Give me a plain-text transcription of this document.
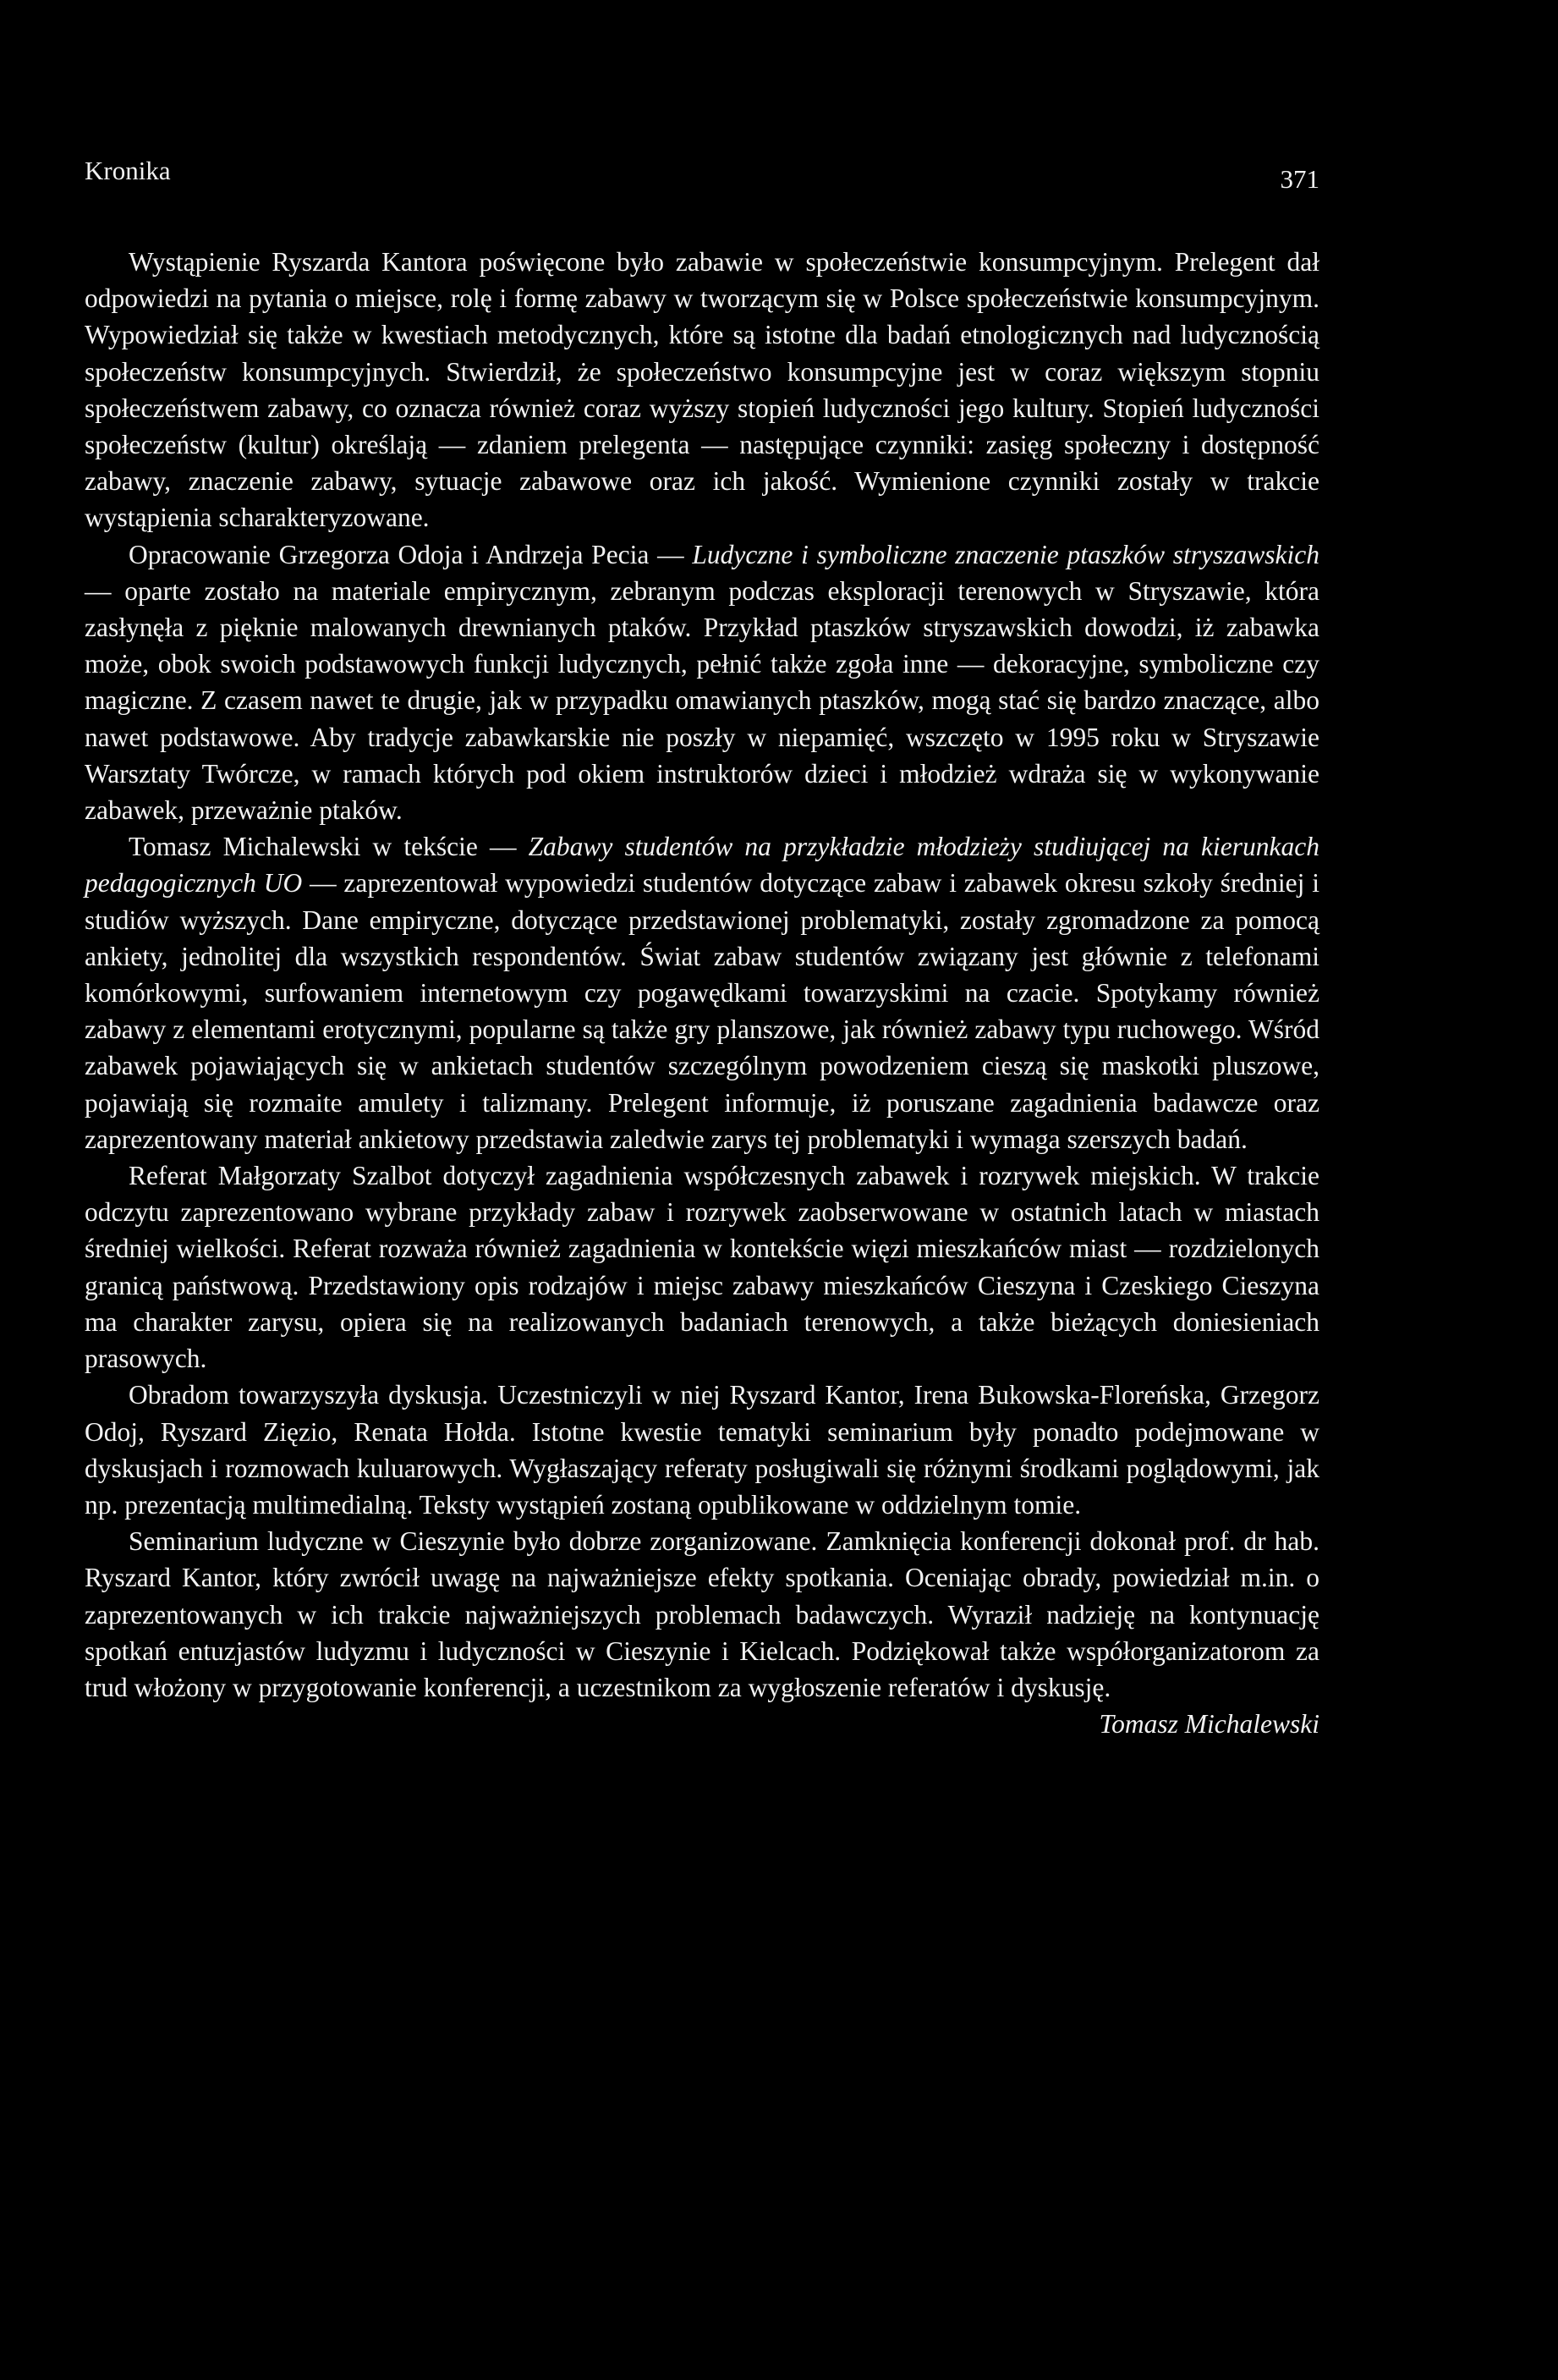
Kronika	371

Wystąpienie Ryszarda Kantora poświęcone było zabawie w społeczeństwie konsumpcyjnym. Prelegent dał odpowiedzi na pytania o miejsce, rolę i formę zabawy w tworzącym się w Polsce społeczeństwie konsumpcyjnym. Wypowiedział się także w kwestiach metodycznych, które są istotne dla badań etnologicznych nad ludycznością społeczeństw konsumpcyjnych. Stwierdził, że społeczeństwo konsumpcyjne jest w coraz większym stopniu społeczeństwem zabawy, co oznacza również coraz wyższy stopień ludyczności jego kultury. Stopień ludyczności społeczeństw (kultur) określają — zdaniem prelegenta — następujące czynniki: zasięg społeczny i dostępność zabawy, znaczenie zabawy, sytuacje zabawowe oraz ich jakość. Wymienione czynniki zostały w trakcie wystąpienia scharakteryzowane.

Opracowanie Grzegorza Odoja i Andrzeja Pecia — Ludyczne i symboliczne znaczenie ptaszków stryszawskich — oparte zostało na materiale empirycznym, zebranym podczas eksploracji terenowych w Stryszawie, która zasłynęła z pięknie malowanych drewnianych ptaków. Przykład ptaszków stryszawskich dowodzi, iż zabawka może, obok swoich podstawowych funkcji ludycznych, pełnić także zgoła inne — dekoracyjne, symboliczne czy magiczne. Z czasem nawet te drugie, jak w przypadku omawianych ptaszków, mogą stać się bardzo znaczące, albo nawet podstawowe. Aby tradycje zabawkarskie nie poszły w niepamięć, wszczęto w 1995 roku w Stryszawie Warsztaty Twórcze, w ramach których pod okiem instruktorów dzieci i młodzież wdraża się w wykonywanie zabawek, przeważnie ptaków.

Tomasz Michalewski w tekście — Zabawy studentów na przykładzie młodzieży studiującej na kierunkach pedagogicznych UO — zaprezentował wypowiedzi studentów dotyczące zabaw i zabawek okresu szkoły średniej i studiów wyższych. Dane empiryczne, dotyczące przedstawionej problematyki, zostały zgromadzone za pomocą ankiety, jednolitej dla wszystkich respondentów. Świat zabaw studentów związany jest głównie z telefonami komórkowymi, surfowaniem internetowym czy pogawędkami towarzyskimi na czacie. Spotykamy również zabawy z elementami erotycznymi, popularne są także gry planszowe, jak również zabawy typu ruchowego. Wśród zabawek pojawiających się w ankietach studentów szczególnym powodzeniem cieszą się maskotki pluszowe, pojawiają się rozmaite amulety i talizmany. Prelegent informuje, iż poruszane zagadnienia badawcze oraz zaprezentowany materiał ankietowy przedstawia zaledwie zarys tej problematyki i wymaga szerszych badań.

Referat Małgorzaty Szalbot dotyczył zagadnienia współczesnych zabawek i rozrywek miejskich. W trakcie odczytu zaprezentowano wybrane przykłady zabaw i rozrywek zaobserwowane w ostatnich latach w miastach średniej wielkości. Referat rozważa również zagadnienia w kontekście więzi mieszkańców miast — rozdzielonych granicą państwową. Przedstawiony opis rodzajów i miejsc zabawy mieszkańców Cieszyna i Czeskiego Cieszyna ma charakter zarysu, opiera się na realizowanych badaniach terenowych, a także bieżących doniesieniach prasowych.

Obradom towarzyszyła dyskusja. Uczestniczyli w niej Ryszard Kantor, Irena Bukowska-Floreńska, Grzegorz Odoj, Ryszard Zięzio, Renata Hołda. Istotne kwestie tematyki seminarium były ponadto podejmowane w dyskusjach i rozmowach kuluarowych. Wygłaszający referaty posługiwali się różnymi środkami poglądowymi, jak np. prezentacją multimedialną. Teksty wystąpień zostaną opublikowane w oddzielnym tomie.

Seminarium ludyczne w Cieszynie było dobrze zorganizowane. Zamknięcia konferencji dokonał prof. dr hab. Ryszard Kantor, który zwrócił uwagę na najważniejsze efekty spotkania. Oceniając obrady, powiedział m.in. o zaprezentowanych w ich trakcie najważniejszych problemach badawczych. Wyraził nadzieję na kontynuację spotkań entuzjastów ludyzmu i ludyczności w Cieszynie i Kielcach. Podziękował także współorganizatorom za trud włożony w przygotowanie konferencji, a uczestnikom za wygłoszenie referatów i dyskusję.

Tomasz Michalewski
